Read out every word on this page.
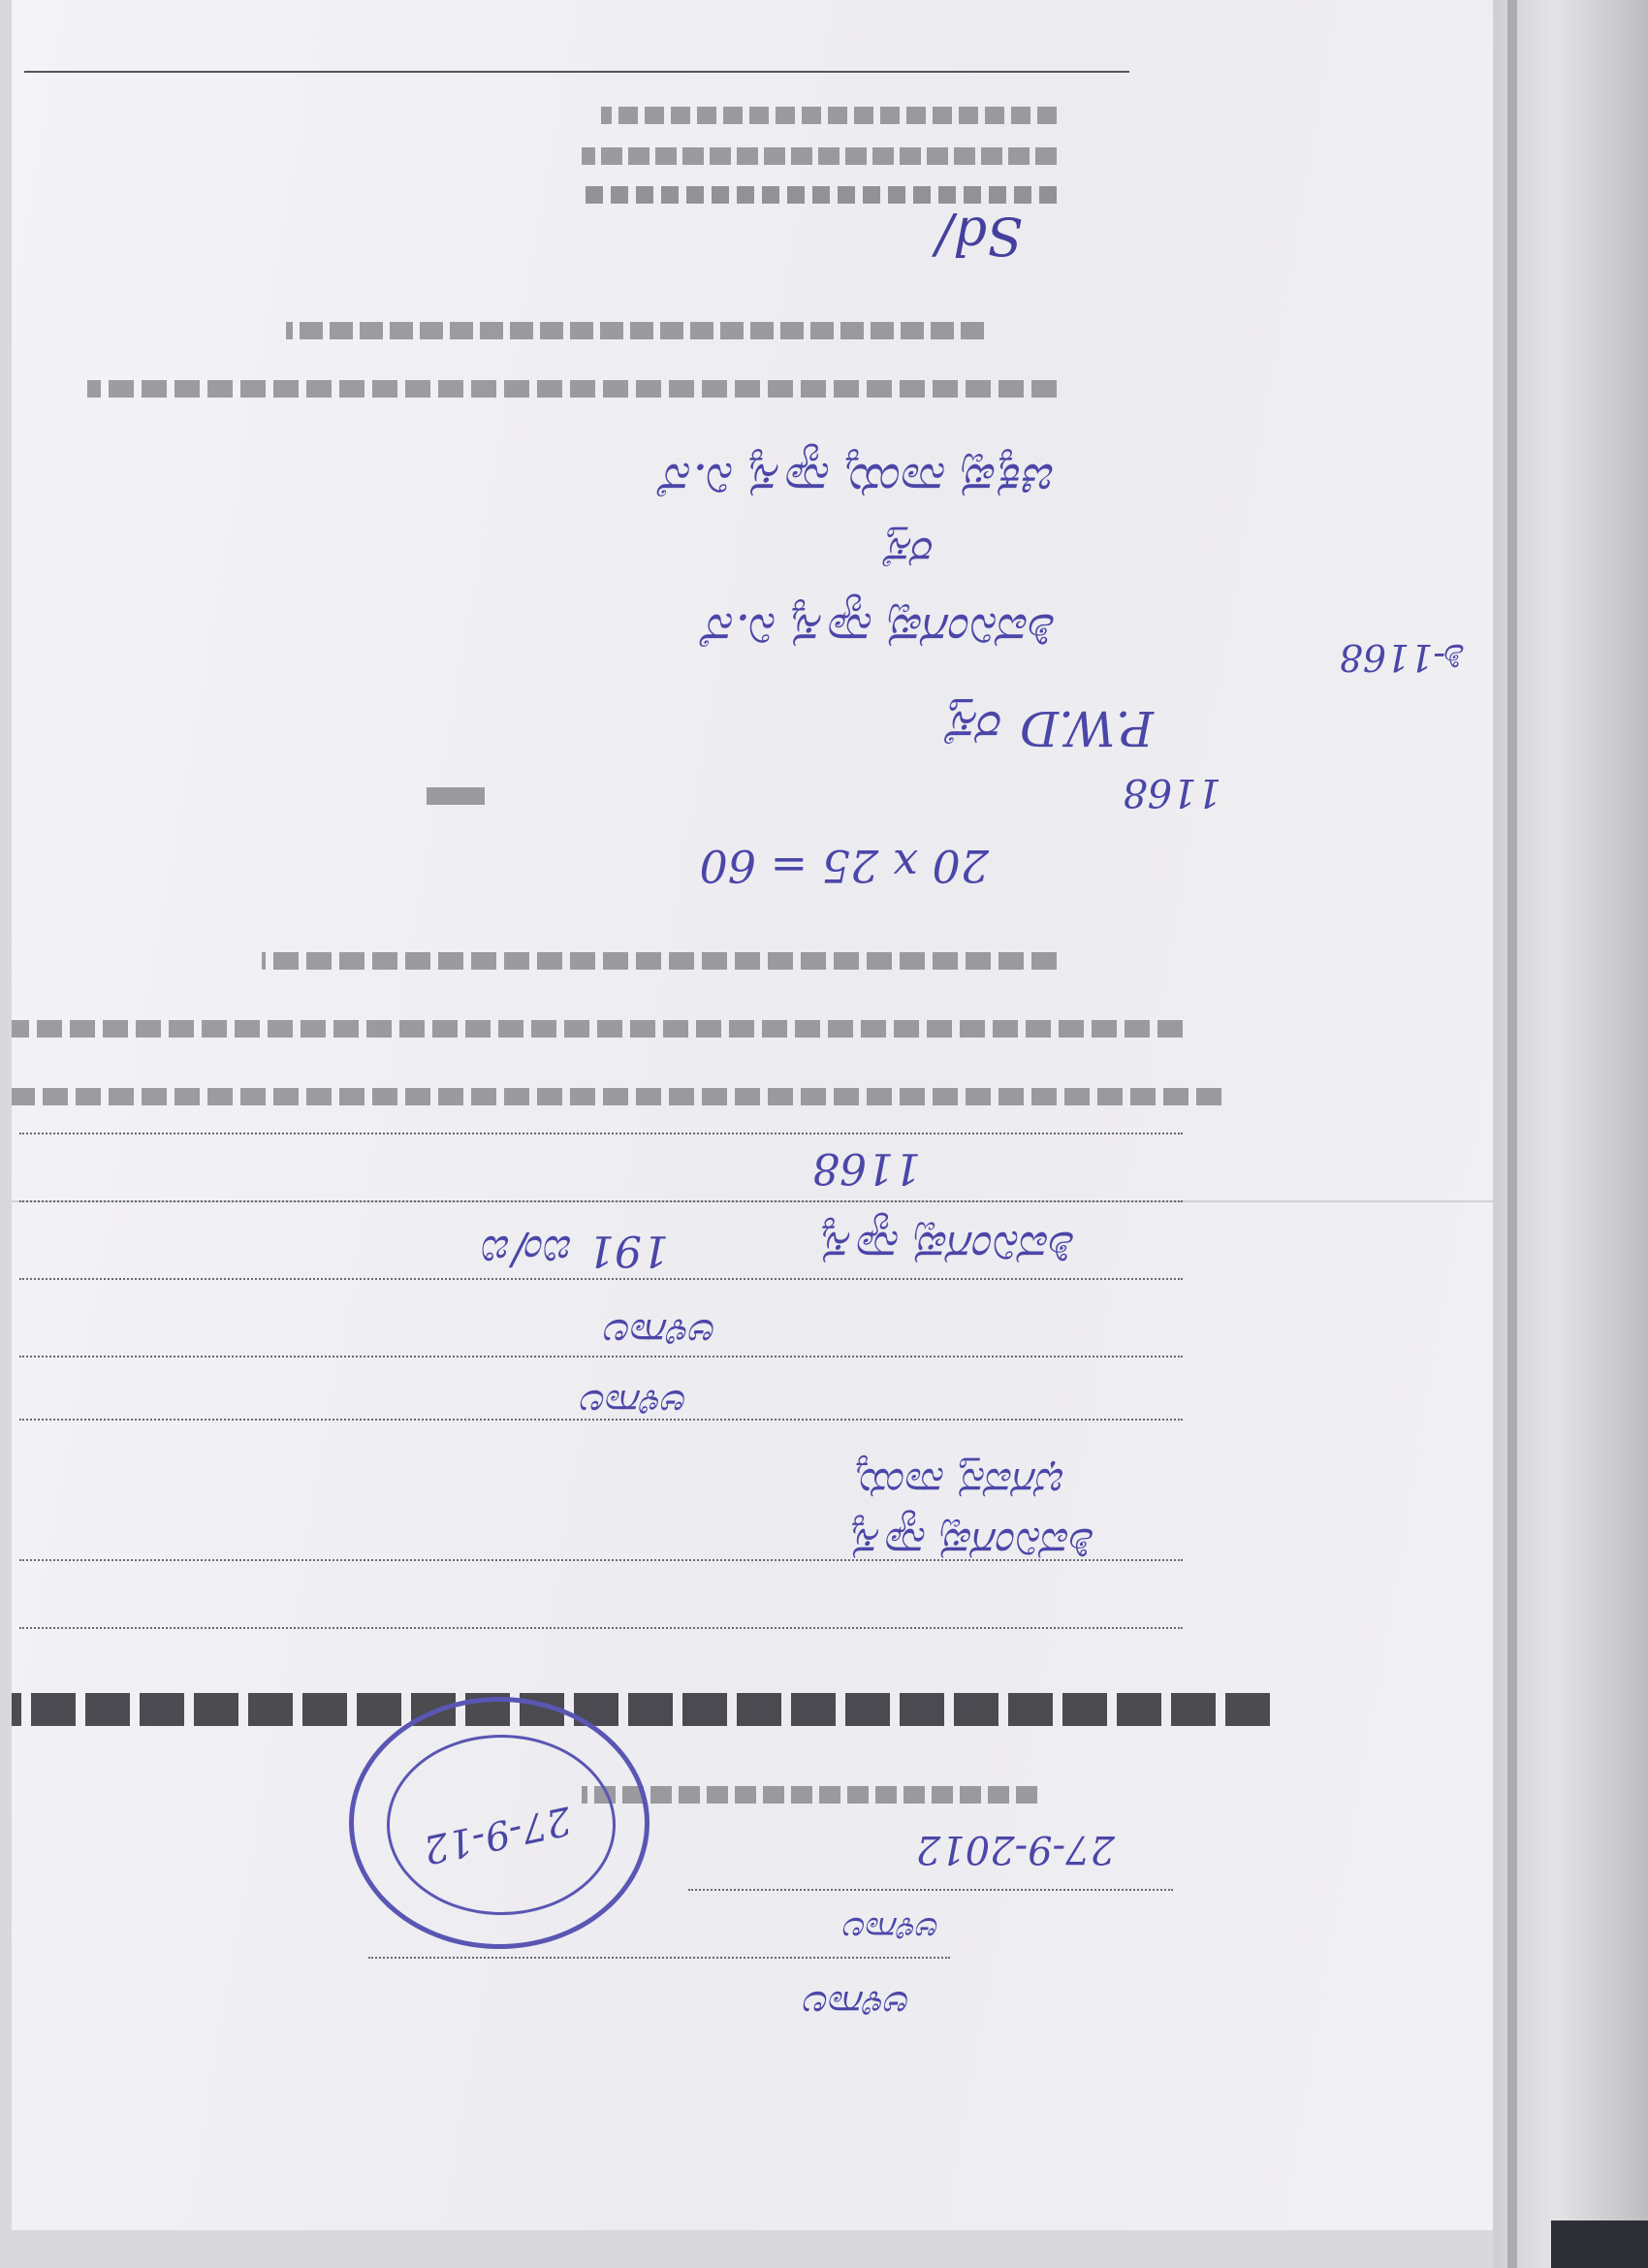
Sd/
ಚಿಕ್ಕಪ್ಪ ನಾಯ್ಕ ನ್ಯಾಸ್ಕ ನಿ.ನೆ
ರಸ್ತೆ
ಶಿವನಿಂಗಪ್ಪ ನ್ಯಾಸ್ಕ ನಿ.ನೆ
P.W.D ರಸ್ತೆ
ಶಿ-1168
20 x 25 = 60
1168
1168
ಶಿವನಿಂಗಪ್ಪ ನ್ಯಾಸ್ಕ
191 ಬಿಂ/ಬಿ
ಅಳಿಗಾಲ
ಅಳಿಗಾಲ
ಭಗವನ್ತ ನಾಯ್ಕ
ಶಿವನಿಂಗಪ್ಪ ನ್ಯಾಸ್ಕ
27-9-12	27-9-2012
ಅಳಿಗಾಲ
ಅಳಿಗಾಲ
